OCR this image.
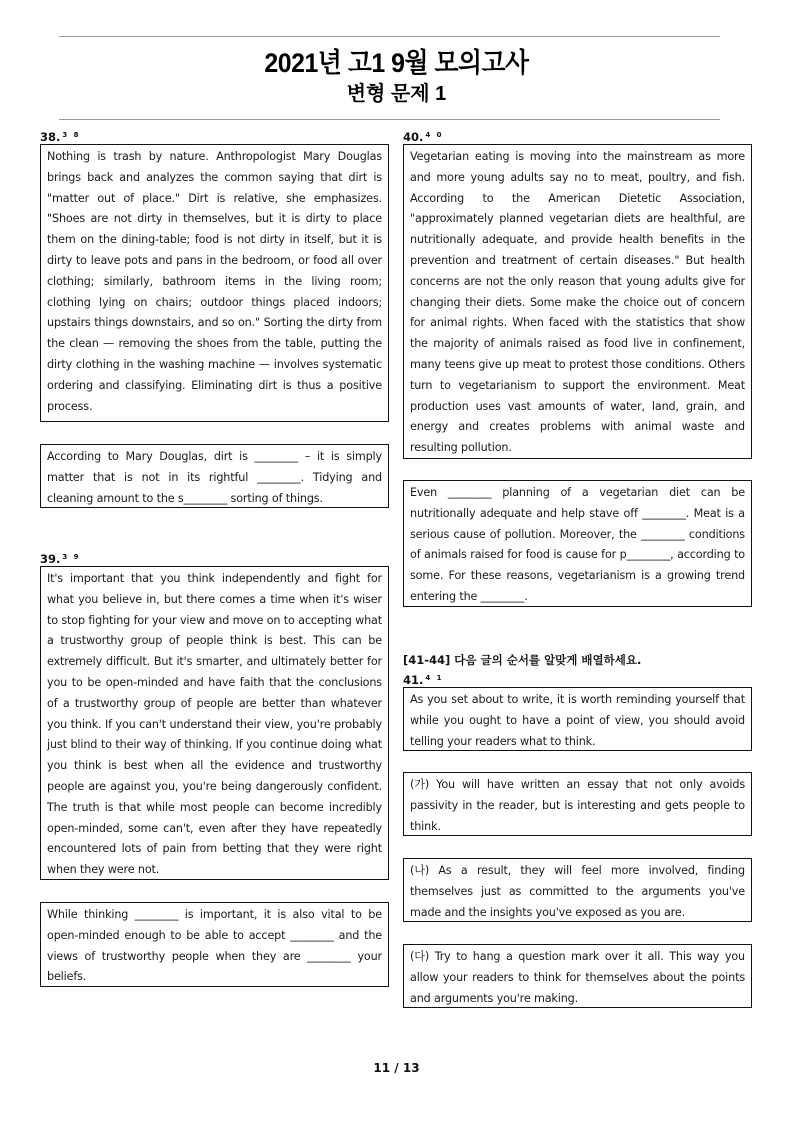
2021년 고1 9월 모의고사
변형 문제 1
38. $^{3 8}$
Nothing is trash by nature. Anthropologist Mary Douglas brings back and analyzes the common saying that dirt is "matter out of place." Dirt is relative, she emphasizes. "Shoes are not dirty in themselves, but it is dirty to place them on the dining-table; food is not dirty in itself, but it is dirty to leave pots and pans in the bedroom, or food all over clothing; similarly, bathroom items in the living room; clothing lying on chairs; outdoor things placed indoors; upstairs things downstairs, and so on." Sorting the dirty from the clean — removing the shoes from the table, putting the dirty clothing in the washing machine — involves systematic ordering and classifying. Eliminating dirt is thus a positive process.
According to Mary Douglas, dirt is ________ – it is simply matter that is not in its rightful ________. Tidying and cleaning amount to the s________ sorting of things.
39. $^{3 9}$
It's important that you think independently and fight for what you believe in, but there comes a time when it's wiser to stop fighting for your view and move on to accepting what a trustworthy group of people think is best. This can be extremely difficult. But it's smarter, and ultimately better for you to be open-minded and have faith that the conclusions of a trustworthy group of people are better than whatever you think. If you can't understand their view, you're probably just blind to their way of thinking. If you continue doing what you think is best when all the evidence and trustworthy people are against you, you're being dangerously confident. The truth is that while most people can become incredibly open-minded, some can't, even after they have repeatedly encountered lots of pain from betting that they were right when they were not.
While thinking ________ is important, it is also vital to be open-minded enough to be able to accept ________ and the views of trustworthy people when they are ________ your beliefs.
40. $^{4 0}$
Vegetarian eating is moving into the mainstream as more and more young adults say no to meat, poultry, and fish. According to the American Dietetic Association, "approximately planned vegetarian diets are healthful, are nutritionally adequate, and provide health benefits in the prevention and treatment of certain diseases." But health concerns are not the only reason that young adults give for changing their diets. Some make the choice out of concern for animal rights. When faced with the statistics that show the majority of animals raised as food live in confinement, many teens give up meat to protest those conditions. Others turn to vegetarianism to support the environment. Meat production uses vast amounts of water, land, grain, and energy and creates problems with animal waste and resulting pollution.
Even ________ planning of a vegetarian diet can be nutritionally adequate and help stave off ________. Meat is a serious cause of pollution. Moreover, the ________ conditions of animals raised for food is cause for p________, according to some. For these reasons, vegetarianism is a growing trend entering the ________.
[41-44] 다음 글의 순서를 알맞게 배열하세요.
41. $^{4 1}$
As you set about to write, it is worth reminding yourself that while you ought to have a point of view, you should avoid telling your readers what to think.
(가) You will have written an essay that not only avoids passivity in the reader, but is interesting and gets people to think.
(나) As a result, they will feel more involved, finding themselves just as committed to the arguments you've made and the insights you've exposed as you are.
(다) Try to hang a question mark over it all. This way you allow your readers to think for themselves about the points and arguments you're making.
11 / 13
